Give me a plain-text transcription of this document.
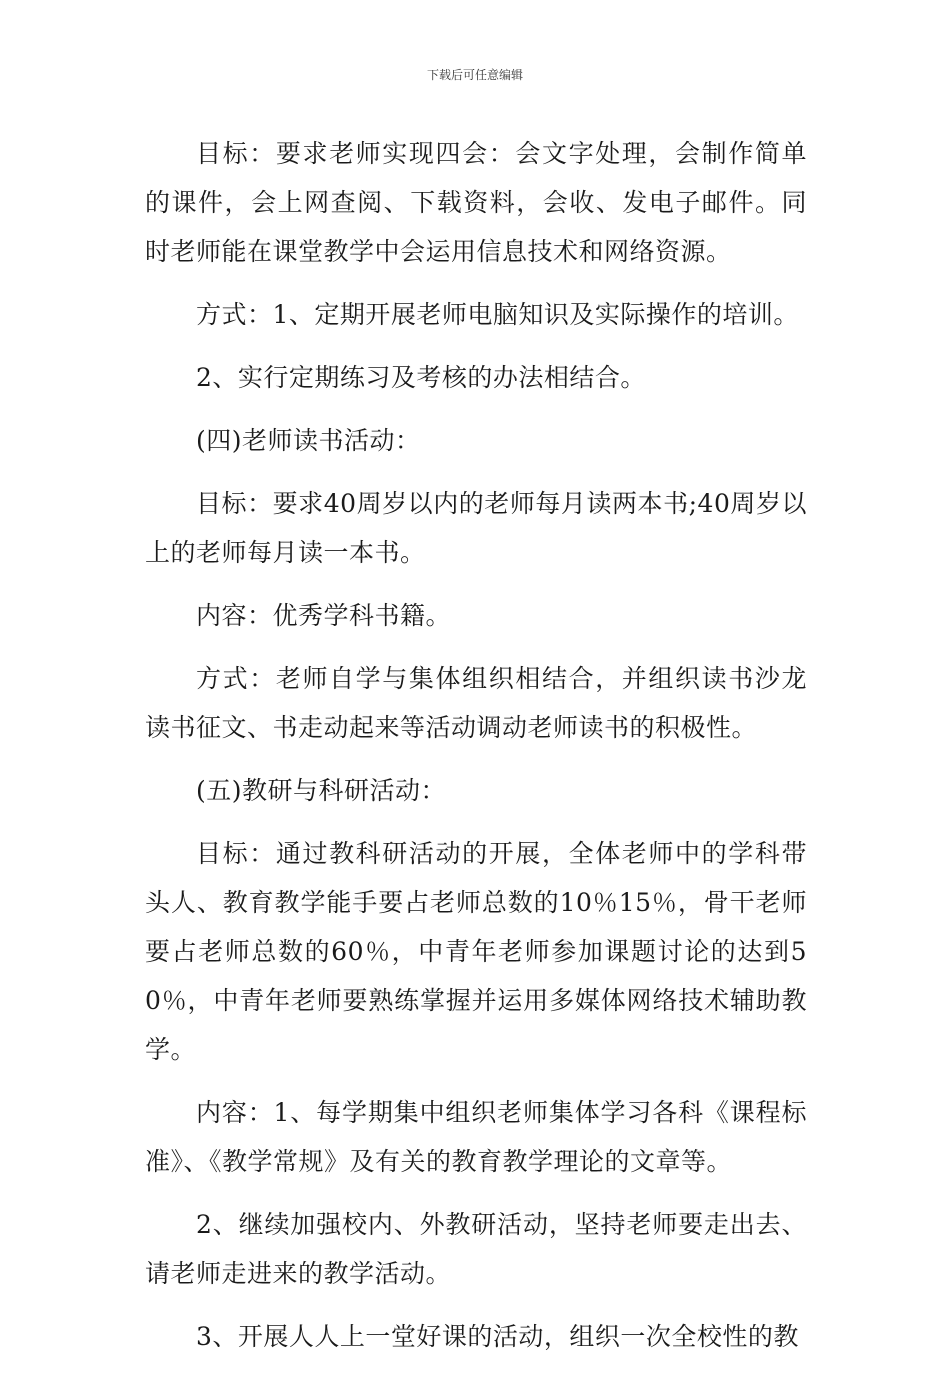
下载后可任意编辑

目标：要求老师实现四会：会文字处理，会制作简单的课件，会上网查阅、下载资料，会收、发电子邮件。同时老师能在课堂教学中会运用信息技术和网络资源。

方式：1、定期开展老师电脑知识及实际操作的培训。

2、实行定期练习及考核的办法相结合。

(四)老师读书活动：

目标：要求40周岁以内的老师每月读两本书;40周岁以上的老师每月读一本书。

内容：优秀学科书籍。

方式：老师自学与集体组织相结合，并组织读书沙龙读书征文、书走动起来等活动调动老师读书的积极性。

(五)教研与科研活动：

目标：通过教科研活动的开展，全体老师中的学科带头人、教育教学能手要占老师总数的10％15％，骨干老师要占老师总数的60％，中青年老师参加课题讨论的达到50％，中青年老师要熟练掌握并运用多媒体网络技术辅助教学。

内容：1、每学期集中组织老师集体学习各科《课程标准》、《教学常规》及有关的教育教学理论的文章等。

2、继续加强校内、外教研活动，坚持老师要走出去、请老师走进来的教学活动。

3、开展人人上一堂好课的活动，组织一次全校性的教
